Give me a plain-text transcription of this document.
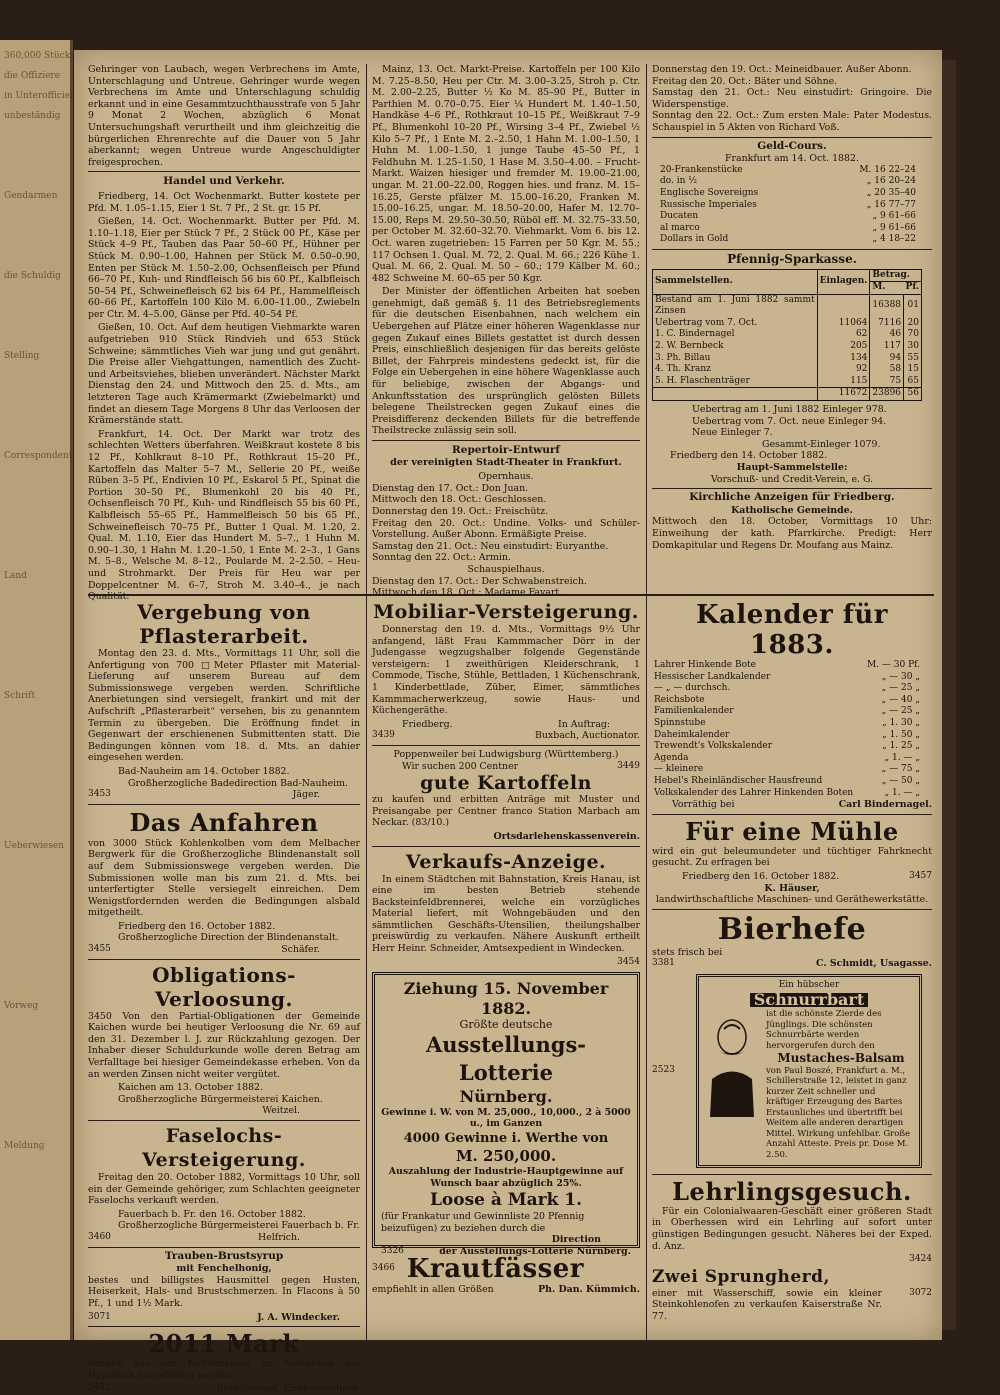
360,000 Stück
die Offiziere
in Unterofficier
unbeständig
Gendarmen
die Schuldig
Stelling
Correspondent
Land
Schrift
Ueberwiesen
Vorweg
Meldung

Gehringer von Laubach, wegen Verbrechens im Amte, Unterschlagung und Untreue. Gehringer wurde wegen Verbrechens im Amte und Unterschlagung schuldig erkannt und in eine Gesammtzuchthausstrafe von 5 Jahr 9 Monat 2 Wochen, abzüglich 6 Monat Untersuchungshaft verurtheilt und ihm gleichzeitig die bürgerlichen Ehrenrechte auf die Dauer von 5 Jahr aberkannt; wegen Untreue wurde Angeschuldigter freigesprochen.

Handel und Verkehr.

Friedberg, 14. Oct Wochenmarkt. Butter kostete per Pfd. M. 1.05–1.15, Eier 1 St. 7 Pf., 2 St. gr. 15 Pf.

Gießen, 14. Oct. Wochenmarkt. Butter per Pfd. M. 1.10–1.18, Eier per Stück 7 Pf., 2 Stück 00 Pf., Käse per Stück 4–9 Pf., Tauben das Paar 50–60 Pf., Hühner per Stück M. 0.90–1.00, Hahnen per Stück M. 0.50–0.90, Enten per Stück M. 1.50–2.00, Ochsenfleisch per Pfund 66–70 Pf., Kuh- und Rindfleisch 56 bis 60 Pf., Kalbfleisch 50–54 Pf., Schweinefleisch 62 bis 64 Pf., Hammelfleisch 60–66 Pf., Kartoffeln 100 Kilo M. 6.00–11.00., Zwiebeln per Ctr. M. 4–5.00, Gänse per Pfd. 40–54 Pf.

Gießen, 10. Oct. Auf dem heutigen Viehmarkte waren aufgetrieben 910 Stück Rindvieh und 653 Stück Schweine; sämmtliches Vieh war jung und gut genährt. Die Preise aller Viehgattungen, namentlich des Zucht- und Arbeitsviehes, blieben unverändert. Nächster Markt Dienstag den 24. und Mittwoch den 25. d. Mts., am letzteren Tage auch Krämermarkt (Zwiebelmarkt) und findet an diesem Tage Morgens 8 Uhr das Verloosen der Krämerstände statt.

Frankfurt, 14. Oct. Der Markt war trotz des schlechten Wetters überfahren. Weißkraut kostete 8 bis 12 Pf., Kohlkraut 8–10 Pf., Rothkraut 15–20 Pf., Kartoffeln das Malter 5–7 M., Sellerie 20 Pf., weiße Rüben 3–5 Pf., Endivien 10 Pf., Eskarol 5 Pf., Spinat die Portion 30–50 Pf., Blumenkohl 20 bis 40 Pf., Ochsenfleisch 70 Pf., Kuh- und Rindfleisch 55 bis 60 Pf., Kalbfleisch 55–65 Pf., Hammelfleisch 50 bis 65 Pf., Schweinefleisch 70–75 Pf., Butter 1 Qual. M. 1.20, 2. Qual. M. 1.10, Eier das Hundert M. 5–7., 1 Huhn M. 0.90–1.30, 1 Hahn M. 1.20–1.50, 1 Ente M. 2–3., 1 Gans M. 5–8., Welsche M. 8–12., Poularde M. 2–2.50. – Heu- und Strohmarkt. Der Preis für Heu war per Doppelcentner M. 6–7, Stroh M. 3.40–4., je nach Qualität.

Mainz, 13. Oct. Markt-Preise. Kartoffeln per 100 Kilo M. 7.25–8.50, Heu per Ctr. M. 3.00–3.25, Stroh p. Ctr. M. 2.00–2.25, Butter ½ Ko M. 85–90 Pf., Butter in Parthien M. 0.70–0.75. Eier ¼ Hundert M. 1.40–1.50, Handkäse 4–6 Pf., Rothkraut 10–15 Pf., Weißkraut 7–9 Pf., Blumenkohl 10–20 Pf., Wirsing 3–4 Pf., Zwiebel ½ Kilo 5–7 Pf., 1 Ente M. 2.–2.50, 1 Hahn M. 1.00–1.50, 1 Huhn M. 1.00–1.50, 1 junge Taube 45–50 Pf., 1 Feldhuhn M. 1.25–1.50, 1 Hase M. 3.50–4.00. – Frucht-Markt. Waizen hiesiger und fremder M. 19.00–21.00, ungar. M. 21.00–22.00, Roggen hies. und franz. M. 15–16.25, Gerste pfälzer M. 15.00–16.20, Franken M. 15.00–16.25, ungar. M. 18.50–20.00, Hafer M. 12.70–15.00, Reps M. 29.50–30.50, Rüböl eff. M. 32.75–33.50, per October M. 32.60–32.70. Viehmarkt. Vom 6. bis 12. Oct. waren zugetrieben: 15 Farren per 50 Kgr. M. 55.; 117 Ochsen 1. Qual. M. 72, 2. Qual. M. 66.; 226 Kühe 1. Qual. M. 66, 2. Qual. M. 50 – 60.; 179 Kälber M. 60.; 482 Schweine M. 60–65 per 50 Kgr.

Der Minister der öffentlichen Arbeiten hat soeben genehmigt, daß gemäß §. 11 des Betriebsreglements für die deutschen Eisenbahnen, nach welchem ein Uebergehen auf Plätze einer höheren Wagenklasse nur gegen Zukauf eines Billets gestattet ist durch dessen Preis, einschließlich desjenigen für das bereits gelöste Billet, der Fahrpreis mindestens gedeckt ist, für die Folge ein Uebergehen in eine höhere Wagenklasse auch für beliebige, zwischen der Abgangs- und Ankunftsstation des ursprünglich gelösten Billets belegene Theilstrecken gegen Zukauf eines die Preisdifferenz deckenden Billets für die betreffende Theilstrecke zulässig sein soll.

Repertoir-Entwurf
der vereinigten Stadt-Theater in Frankfurt.
Opernhaus.
Dienstag den 17. Oct.: Don Juan.
Mittwoch den 18. Oct.: Geschlossen.
Donnerstag den 19. Oct.: Freischütz.
Freitag den 20. Oct.: Undine. Volks- und Schüler-Vorstellung. Außer Abonn. Ermäßigte Preise.
Samstag den 21. Oct.: Neu einstudirt: Euryanthe.
Sonntag den 22. Oct.: Armin.
Schauspielhaus.
Dienstag den 17. Oct.: Der Schwabenstreich.
Mittwoch den 18. Oct.: Madame Favart.
Donnerstag den 19. Oct.: Meineidbauer. Außer Abonn.
Freitag den 20. Oct.: Bäter und Söhne.
Samstag den 21. Oct.: Neu einstudirt: Gringoire. Die Widerspenstige.
Sonntag den 22. Oct.: Zum ersten Male: Pater Modestus. Schauspiel in 5 Akten von Richard Voß.
Geld-Cours.
Frankfurt am 14. Oct. 1882.
20-Frankenstücke	M. 16 22–24
do. in ½	„ 16 20–24
Englische Sovereigns	„ 20 35–40
Russische Imperiales	„ 16 77–77
Ducaten	„ 9 61–66
al marco	„ 9 61–66
Dollars in Gold	„ 4 18–22
Pfennig-Sparkasse.
Sammelstellen.	Einlagen.	Betrag.	
		M.	Pf.
Bestand am 1. Juni 1882 sammt Zinsen		16388	01
Uebertrag vom 7. Oct.	11064	7116	20
1. C. Bindernagel	62	46	70
2. W. Bernbeck	205	117	30
3. Ph. Billau	134	94	55
4. Th. Kranz	92	58	15
5. H. Flaschenträger	115	75	65
	11672	23896	56
Uebertrag am 1. Juni 1882 Einleger 978.
Uebertrag vom 7. Oct. neue Einleger 94.
Neue Einleger 7.
Gesammt-Einleger 1079.
Friedberg den 14. October 1882.
Haupt-Sammelstelle:
Vorschuß- und Credit-Verein, e. G.
Kirchliche Anzeigen für Friedberg.
Katholische Gemeinde.

Mittwoch den 18. October, Vormittags 10 Uhr: Einweihung der kath. Pfarrkirche. Predigt: Herr Domkapitular und Regens Dr. Moufang aus Mainz.

Vergebung von Pflasterarbeit.

Montag den 23. d. Mts., Vormittags 11 Uhr, soll die Anfertigung von 700 □Meter Pflaster mit Material-Lieferung auf unserem Bureau auf dem Submissionswege vergeben werden. Schriftliche Anerbietungen sind versiegelt, frankirt und mit der Aufschrift „Pflasterarbeit“ versehen, bis zu genanntem Termin zu übergeben. Die Eröffnung findet in Gegenwart der erschienenen Submittenten statt. Die Bedingungen können vom 18. d. Mts. an dahier eingesehen werden.

Bad-Nauheim am 14. October 1882.
Großherzogliche Badedirection Bad-Nauheim.
3453	Jäger.
Das Anfahren

von 3000 Stück Kohlenkolben vom dem Melbacher Bergwerk für die Großherzogliche Blindenanstalt soll auf dem Submissionswege vergeben werden. Die Submissionen wolle man bis zum 21. d. Mts. bei unterfertigter Stelle versiegelt einreichen. Dem Wenigstfordernden werden die Bedingungen alsbald mitgetheilt.

Friedberg den 16. October 1882.
Großherzogliche Direction der Blindenanstalt.
3455	Schäfer.
Obligations-Verloosung.

3450 Von den Partial-Obligationen der Gemeinde Kaichen wurde bei heutiger Verloosung die Nr. 69 auf den 31. Dezember l. J. zur Rückzahlung gezogen. Der Inhaber dieser Schuldurkunde wolle deren Betrag am Verfalltage bei hiesiger Gemeindekasse erheben. Von da an werden Zinsen nicht weiter vergütet.

Kaichen am 13. October 1882.
Großherzogliche Bürgermeisterei Kaichen.
Weitzel.
Faselochs-Versteigerung.

Freitag den 20. October 1882, Vormittags 10 Uhr, soll ein der Gemeinde gehöriger, zum Schlachten geeigneter Faselochs verkauft werden.

Fauerbach b. Fr. den 16. October 1882.
Großherzogliche Bürgermeisterei Fauerbach b. Fr.
3460	Helfrich.
Trauben-Brustsyrup
mit Fenchelhonig,

bestes und billigstes Hausmittel gegen Husten, Heiserkeit, Hals- und Brustschmerzen. In Flacons à 50 Pf., 1 und 1½ Mark.

3071	J. A. Windecker.
2011 Mark

können aus der Kirchenkasse zu Assenheim auf Hypothek ausgeliehen werden.

3452	Bernitheusel, Kirchenrechner.
Mobiliar-Versteigerung.

Donnerstag den 19. d. Mts., Vormittags 9½ Uhr anfangend, läßt Frau Kammmacher Dörr in der Judengasse wegzugshalber folgende Gegenstände versteigern: 1 zweithürigen Kleiderschrank, 1 Commode, Tische, Stühle, Bettladen, 1 Küchenschrank, 1 Kinderbettlade, Züber, Eimer, sämmtliches Kammmacherwerkzeug, sowie Haus- und Küchengeräthe.

Friedberg.	In Auftrag:
3439	Buxbach, Auctionator.
Poppenweiler bei Ludwigsburg (Württemberg.)
Wir suchen 200 Centner	3449
gute Kartoffeln

zu kaufen und erbitten Anträge mit Muster und Preisangabe per Centner franco Station Marbach am Neckar. (83/10.)

Ortsdarlehenskassenverein.
Verkaufs-Anzeige.

In einem Städtchen mit Bahnstation, Kreis Hanau, ist eine im besten Betrieb stehende Backsteinfeldbrennerei, welche ein vorzügliches Material liefert, mit Wohngebäuden und den sämmtlichen Geschäfts-Utensilien, theilungshalber preiswürdig zu verkaufen. Nähere Auskunft ertheilt Herr Heinr. Schneider, Amtsexpedient in Windecken.

3454
Ziehung 15. November 1882.
Größte deutsche
Ausstellungs-Lotterie
Nürnberg.
Gewinne i. W. von M. 25,000., 10,000., 2 à 5000 u., im Ganzen
4000 Gewinne i. Werthe von
M. 250,000.
Auszahlung der Industrie-Hauptgewinne auf Wunsch baar abzüglich 25%.
Loose à Mark 1.
(für Frankatur und Gewinnliste 20 Pfennig beizufügen) zu beziehen durch die
Direction
3326	der Ausstellungs-Lotterie Nürnberg.
3466 Krautfässer
empfiehlt in allen Größen	Ph. Dan. Kümmich.
Kalender für 1883.
Lahrer Hinkende Bote	M. — 30 Pf.
Hessischer Landkalender	„ — 30 „
— „ — durchsch.	„ — 25 „
Reichsbote	„ — 40 „
Familienkalender	„ — 25 „
Spinnstube	„ 1. 30 „
Daheimkalender	„ 1. 50 „
Trewendt's Volkskalender	„ 1. 25 „
Agenda	„ 1. — „
— kleinere	„ — 75 „
Hebel's Rheinländischer Hausfreund	„ — 50 „
Volkskalender des Lahrer Hinkenden Boten	„ 1. — „
Vorräthig bei	Carl Bindernagel.
Für eine Mühle

wird ein gut beleumundeter und tüchtiger Fahrknecht gesucht. Zu erfragen bei

Friedberg den 16. October 1882.	3457
K. Häuser,
landwirthschaftliche Maschinen- und Geräthewerkstätte.
Bierhefe
stets frisch bei
3381	C. Schmidt, Usagasse.
2523
Ein hübscher
Schnurrbart
ist die schönste Zierde des Jünglings. Die schönsten Schnurrbärte werden hervorgerufen durch den
Mustaches-Balsam
von Paul Boszé, Frankfurt a. M., Schillerstraße 12, leistet in ganz kurzer Zeit schneller und kräftiger Erzeugung des Bartes Erstaunliches und übertrifft bei Weitem alle anderen derartigen Mittel. Wirkung unfehlbar. Große Anzahl Atteste. Preis pr. Dose M. 2.50.
Lehrlingsgesuch.

Für ein Colonialwaaren-Geschäft einer größeren Stadt in Oberhessen wird ein Lehrling auf sofort unter günstigen Bedingungen gesucht. Näheres bei der Exped. d. Anz.

3424
Zwei Sprungherd,
einer mit Wasserschiff, sowie ein kleiner Steinkohlenofen zu verkaufen Kaiserstraße Nr. 77.
3072
